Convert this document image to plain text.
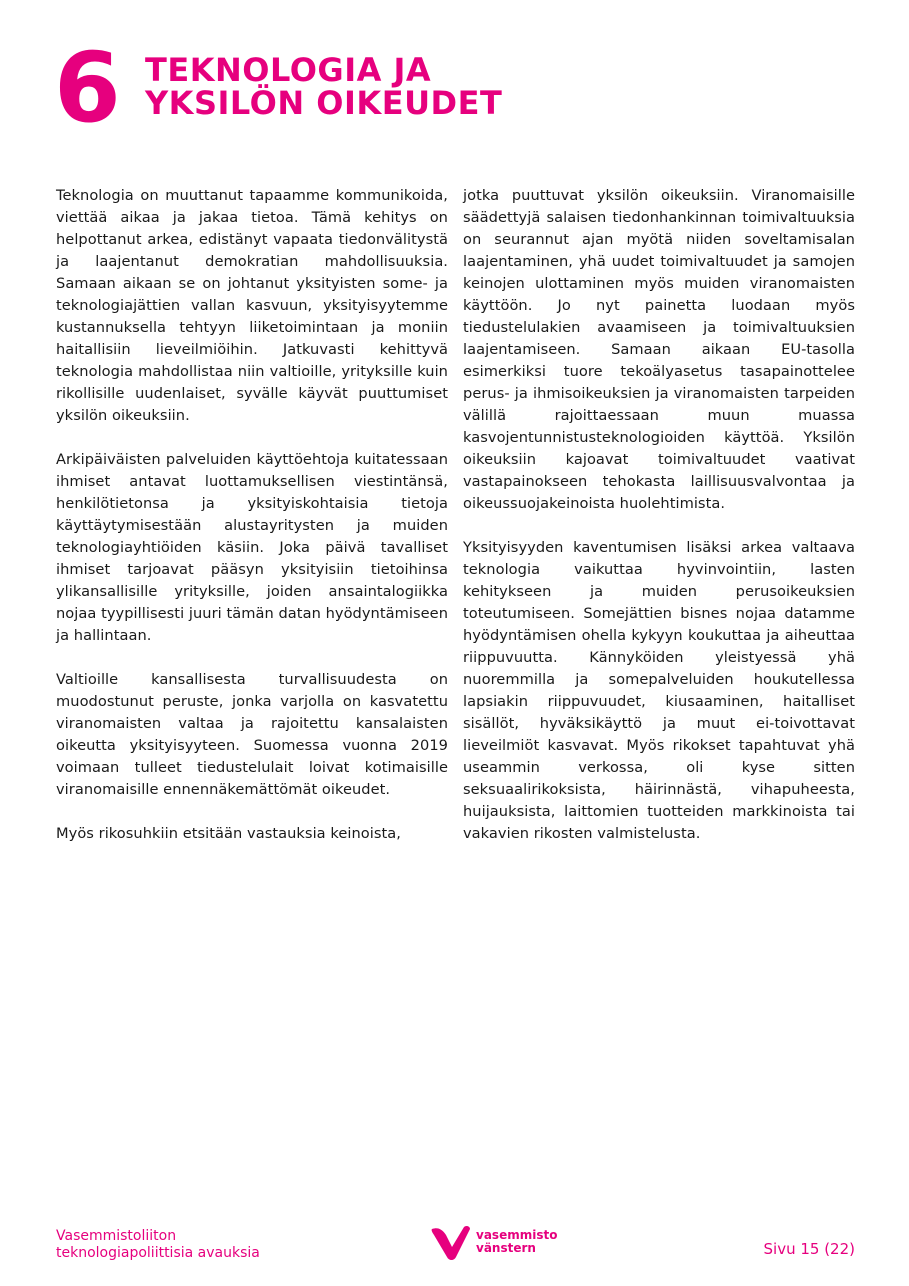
6 TEKNOLOGIA JA
YKSILÖN OIKEUDET

Teknologia on muuttanut tapaamme kommunikoida, viettää aikaa ja jakaa tietoa. Tämä kehitys on helpottanut arkea, edistänyt vapaata tiedonvälitystä ja laajentanut demokratian mahdollisuuksia. Samaan aikaan se on johtanut yksityisten some- ja teknologiajättien vallan kasvuun, yksityisyytemme kustannuksella tehtyyn liiketoimintaan ja moniin haitallisiin lieveilmiöihin. Jatkuvasti kehittyvä teknologia mahdollistaa niin valtioille, yrityksille kuin rikollisille uudenlaiset, syvälle käyvät puuttumiset yksilön oikeuksiin.

Arkipäiväisten palveluiden käyttöehtoja kuitatessaan ihmiset antavat luottamuksellisen viestintänsä, henkilötietonsa ja yksityiskohtaisia tietoja käyttäytymisestään alustayritysten ja muiden teknologiayhtiöiden käsiin. Joka päivä tavalliset ihmiset tarjoavat pääsyn yksityisiin tietoihinsa ylikansallisille yrityksille, joiden ansaintalogiikka nojaa tyypillisesti juuri tämän datan hyödyntämiseen ja hallintaan.

Valtioille kansallisesta turvallisuudesta on muodostunut peruste, jonka varjolla on kasvatettu viranomaisten valtaa ja rajoitettu kansalaisten oikeutta yksityisyyteen. Suomessa vuonna 2019 voimaan tulleet tiedustelulait loivat kotimaisille viranomaisille ennennäkemättömät oikeudet.

Myös rikosuhkiin etsitään vastauksia keinoista,

jotka puuttuvat yksilön oikeuksiin. Viranomaisille säädettyjä salaisen tiedonhankinnan toimivaltuuksia on seurannut ajan myötä niiden soveltamisalan laajentaminen, yhä uudet toimivaltuudet ja samojen keinojen ulottaminen myös muiden viranomaisten käyttöön. Jo nyt painetta luodaan myös tiedustelulakien avaamiseen ja toimivaltuuksien laajentamiseen. Samaan aikaan EU-tasolla esimerkiksi tuore tekoälyasetus tasapainottelee perus- ja ihmisoikeuksien ja viranomaisten tarpeiden välillä rajoittaessaan muun muassa kasvojentunnistusteknologioiden käyttöä. Yksilön oikeuksiin kajoavat toimivaltuudet vaativat vastapainokseen tehokasta laillisuusvalvontaa ja oikeussuojakeinoista huolehtimista.

Yksityisyyden kaventumisen lisäksi arkea valtaava teknologia vaikuttaa hyvinvointiin, lasten kehitykseen ja muiden perusoikeuksien toteutumiseen. Somejättien bisnes nojaa datamme hyödyntämisen ohella kykyyn koukuttaa ja aiheuttaa riippuvuutta. Kännyköiden yleistyessä yhä nuoremmilla ja somepalveluiden houkutellessa lapsiakin riippuvuudet, kiusaaminen, haitalliset sisällöt, hyväksikäyttö ja muut ei-toivottavat lieveilmiöt kasvavat. Myös rikokset tapahtuvat yhä useammin verkossa, oli kyse sitten seksuaalirikoksista, häirinnästä, vihapuheesta, huijauksista, laittomien tuotteiden markkinoista tai vakavien rikosten valmistelusta.

Vasemmistoliiton
teknologiapoliittisia avauksia
vasemmisto
vänstern	Sivu 15 (22)
